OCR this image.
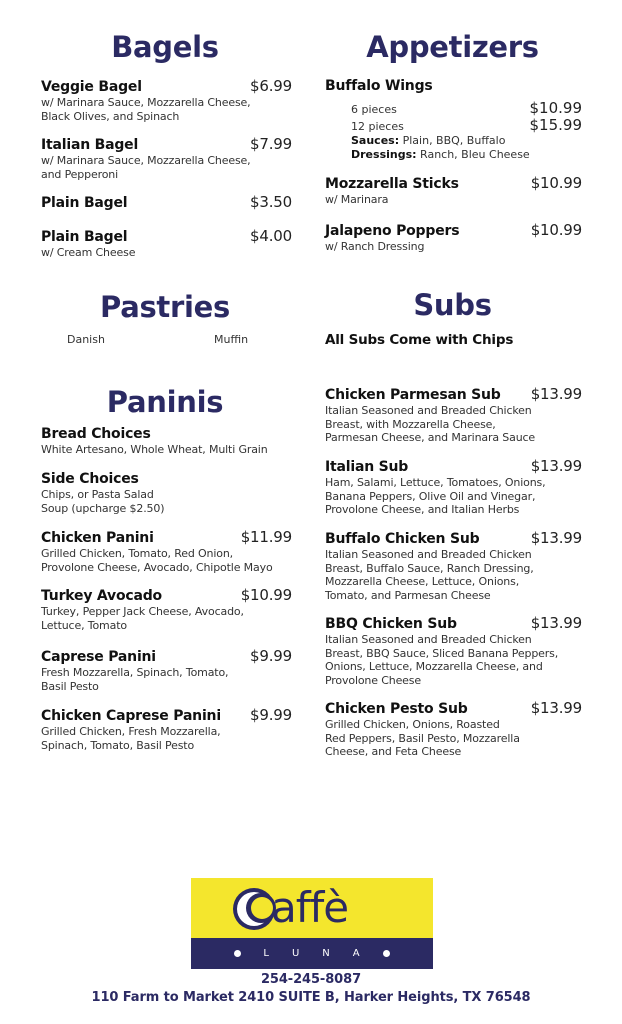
Bagels
Veggie Bagel	$6.99
w/ Marinara Sauce, Mozzarella Cheese,
Black Olives, and Spinach
Italian Bagel	$7.99
w/ Marinara Sauce, Mozzarella Cheese,
and Pepperoni
Plain Bagel	$3.50
Plain Bagel	$4.00
w/ Cream Cheese
Appetizers
Buffalo Wings
6 pieces	$10.99
12 pieces	$15.99
Sauces: Plain, BBQ, Buffalo
Dressings: Ranch, Bleu Cheese
Mozzarella Sticks	$10.99
w/ Marinara
Jalapeno Poppers	$10.99
w/ Ranch Dressing
Pastries
Danish	Muffin
Paninis
Bread Choices
White Artesano, Whole Wheat, Multi Grain
Side Choices
Chips, or Pasta Salad
Soup (upcharge $2.50)
Chicken Panini	$11.99
Grilled Chicken, Tomato, Red Onion,
Provolone Cheese, Avocado, Chipotle Mayo
Turkey Avocado	$10.99
Turkey, Pepper Jack Cheese, Avocado,
Lettuce, Tomato
Caprese Panini	$9.99
Fresh Mozzarella, Spinach, Tomato,
Basil Pesto
Chicken Caprese Panini $9.99
Grilled Chicken, Fresh Mozzarella,
Spinach, Tomato, Basil Pesto
Subs
All Subs Come with Chips
Chicken Parmesan Sub $13.99
Italian Seasoned and Breaded Chicken
Breast, with Mozzarella Cheese,
Parmesan Cheese, and Marinara Sauce
Italian Sub	$13.99
Ham, Salami, Lettuce, Tomatoes, Onions,
Banana Peppers, Olive Oil and Vinegar,
Provolone Cheese, and Italian Herbs
Buffalo Chicken Sub	$13.99
Italian Seasoned and Breaded Chicken
Breast, Buffalo Sauce, Ranch Dressing,
Mozzarella Cheese, Lettuce, Onions,
Tomato, and Parmesan Cheese
BBQ Chicken Sub	$13.99
Italian Seasoned and Breaded Chicken
Breast, BBQ Sauce, Sliced Banana Peppers,
Onions, Lettuce, Mozzarella Cheese, and
Provolone Cheese
Chicken Pesto Sub	$13.99
Grilled Chicken, Onions, Roasted
Red Peppers, Basil Pesto, Mozzarella
Cheese, and Feta Cheese
affè
L U N A
254-245-8087
110 Farm to Market 2410 SUITE B, Harker Heights, TX 76548
